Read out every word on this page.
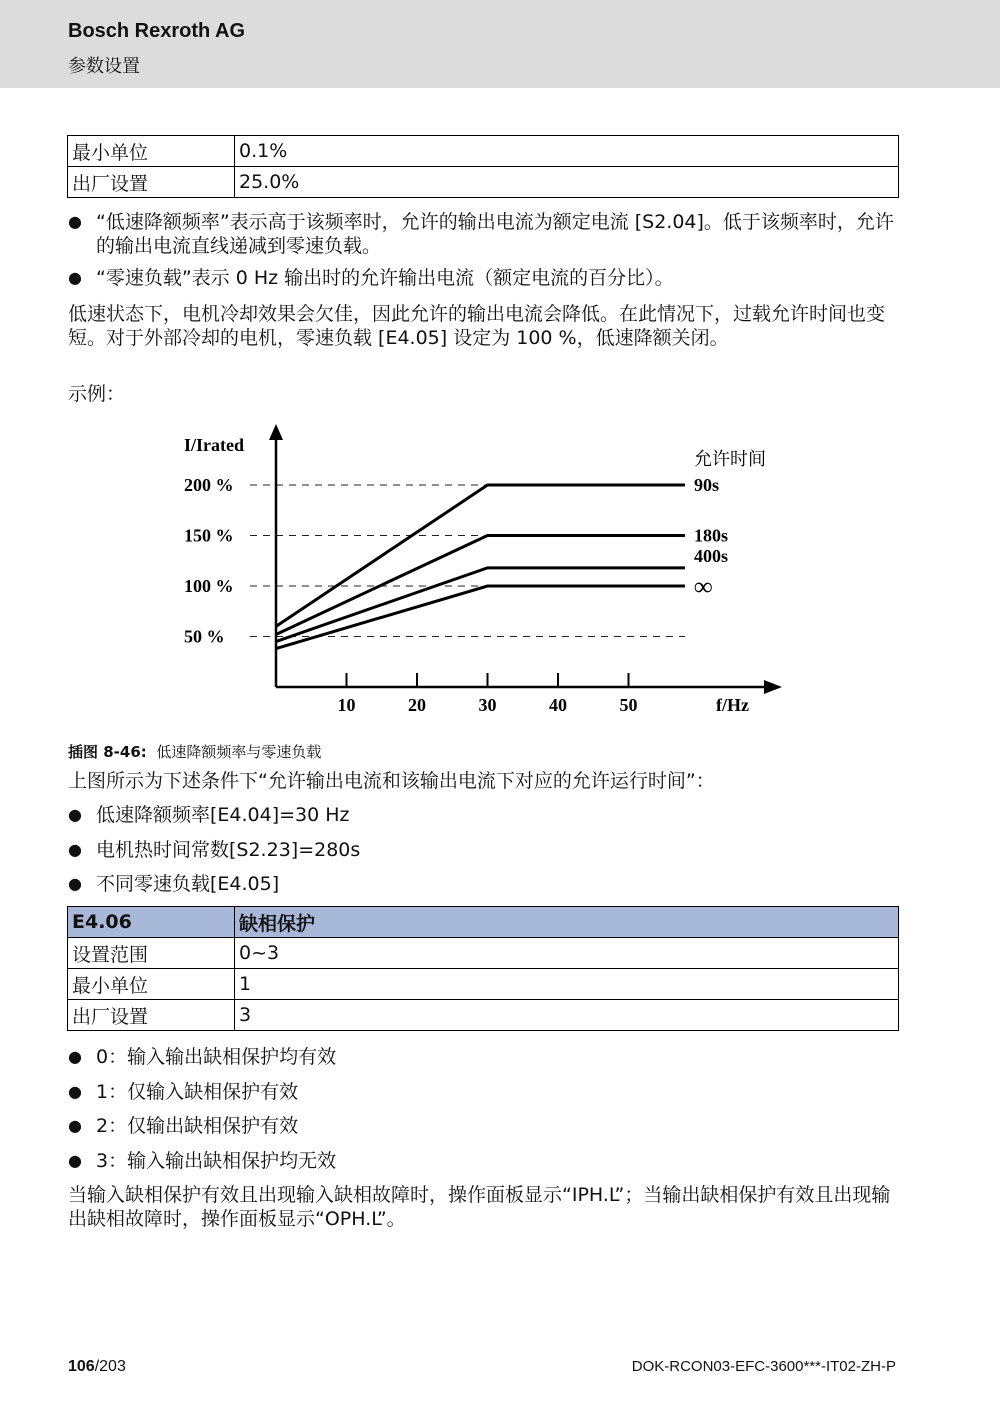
Bosch Rexroth AG
参数设置
最小单位	0.1%
出厂设置	25.0%
● “低速降额频率”表示高于该频率时，允许的输出电流为额定电流 [S2.04]。低于该频率时，允许的输出电流直线递减到零速负载。
● “零速负载”表示 0 Hz 输出时的允许输出电流（额定电流的百分比）。
低速状态下，电机冷却效果会欠佳，因此允许的输出电流会降低。在此情况下，过载允许时间也变短。对于外部冷却的电机，零速负载 [E4.05] 设定为 100 %，低速降额关闭。
示例：
I/Irated
f/Hz
允许时间
200 %
150 %
100 %
50 %
10	20	30	40	50
90s
180s
400s
∞
插图 8-46: 低速降额频率与零速负载
上图所示为下述条件下“允许输出电流和该输出电流下对应的允许运行时间”：
● 低速降额频率[E4.04]=30 Hz
● 电机热时间常数[S2.23]=280s
● 不同零速负载[E4.05]
E4.06	缺相保护
设置范围	0~3
最小单位	1
出厂设置	3
● 0：输入输出缺相保护均有效
● 1：仅输入缺相保护有效
● 2：仅输出缺相保护有效
● 3：输入输出缺相保护均无效
当输入缺相保护有效且出现输入缺相故障时，操作面板显示“IPH.L”；当输出缺相保护有效且出现输出缺相故障时，操作面板显示“OPH.L”。
106/203	DOK-RCON03-EFC-3600***-IT02-ZH-P
